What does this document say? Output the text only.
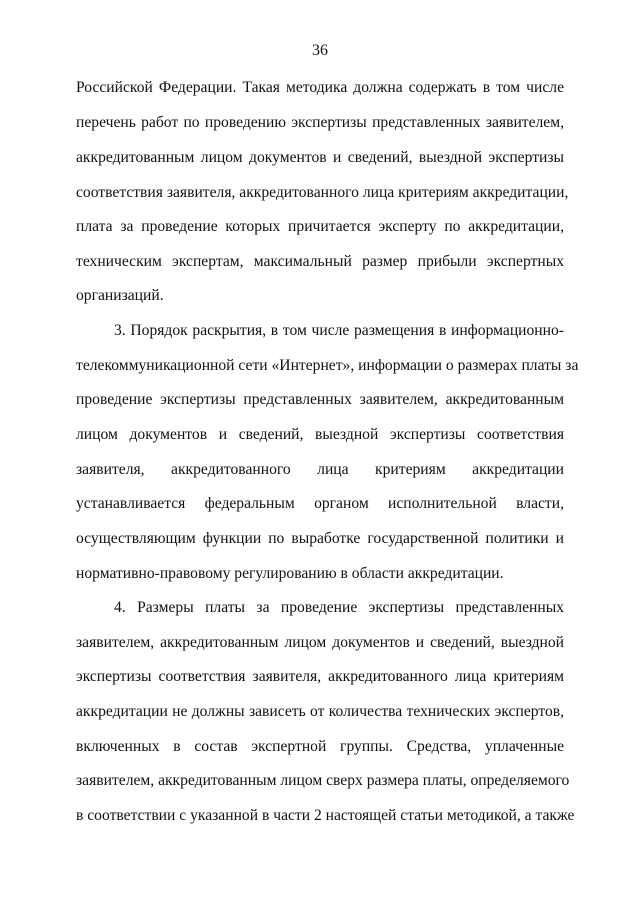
36
Российской Федерации. Такая методика должна содержать в том числе
перечень работ по проведению экспертизы представленных заявителем,
аккредитованным лицом документов и сведений, выездной экспертизы
соответствия заявителя, аккредитованного лица критериям аккредитации,
плата за проведение которых причитается эксперту по аккредитации,
техническим экспертам, максимальный размер прибыли экспертных
организаций.
3. Порядок раскрытия, в том числе размещения в информационно-
телекоммуникационной сети «Интернет», информации о размерах платы за
проведение экспертизы представленных заявителем, аккредитованным
лицом документов и сведений, выездной экспертизы соответствия
заявителя, аккредитованного лица критериям аккредитации
устанавливается федеральным органом исполнительной власти,
осуществляющим функции по выработке государственной политики и
нормативно-правовому регулированию в области аккредитации.
4. Размеры платы за проведение экспертизы представленных
заявителем, аккредитованным лицом документов и сведений, выездной
экспертизы соответствия заявителя, аккредитованного лица критериям
аккредитации не должны зависеть от количества технических экспертов,
включенных в состав экспертной группы. Средства, уплаченные
заявителем, аккредитованным лицом сверх размера платы, определяемого
в соответствии с указанной в части 2 настоящей статьи методикой, а также
